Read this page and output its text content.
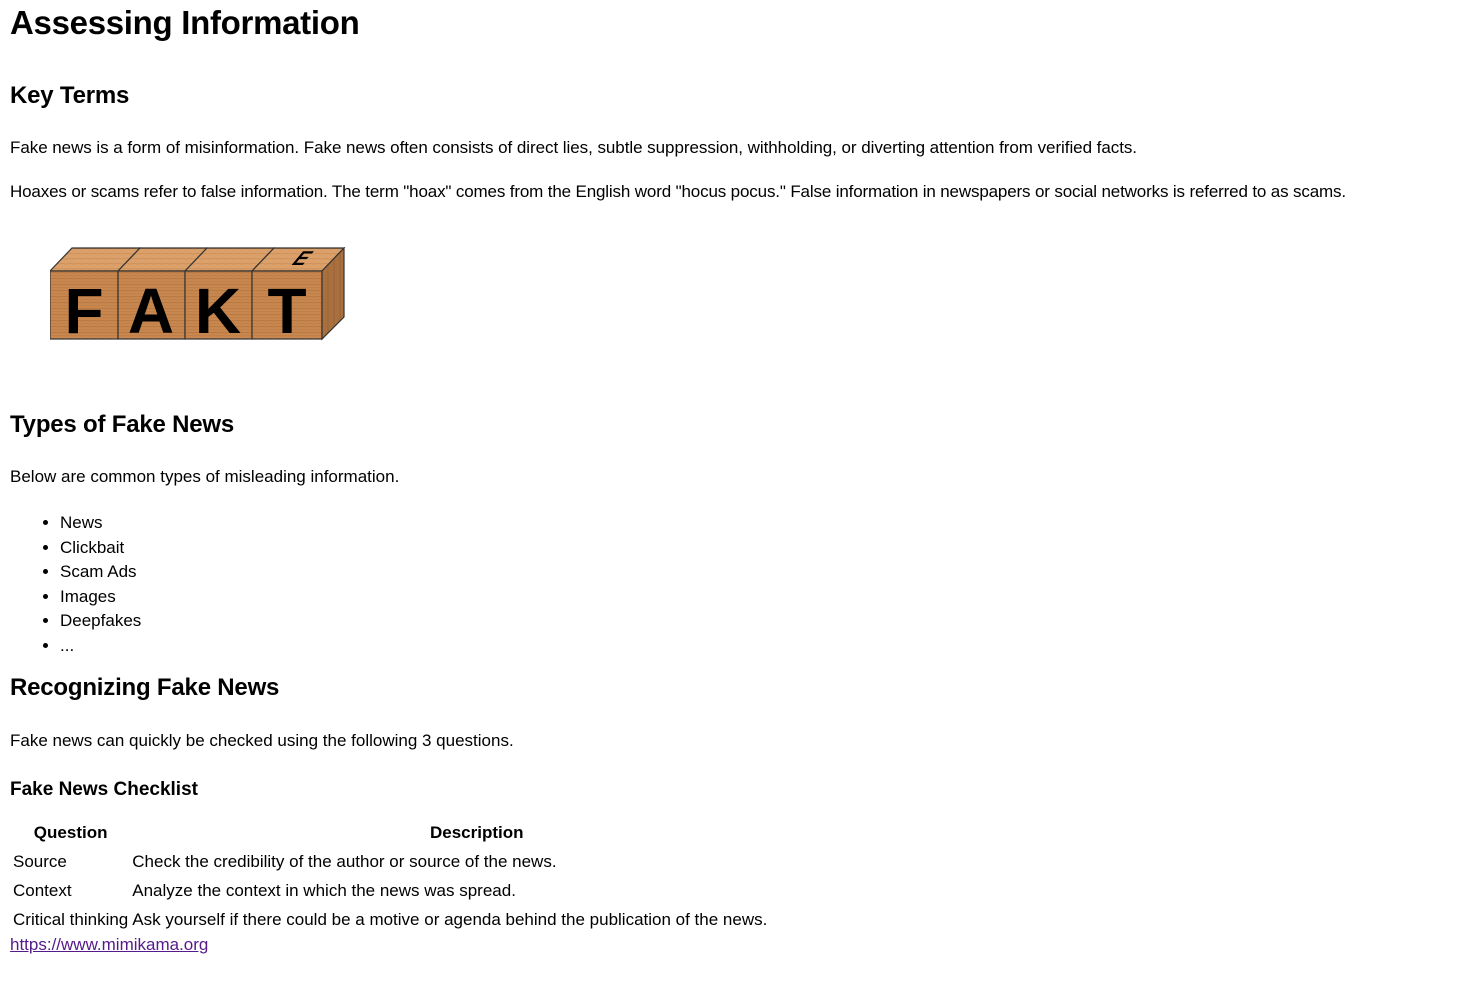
Assessing Information
Key Terms

Fake news is a form of misinformation. Fake news often consists of direct lies, subtle suppression, withholding, or diverting attention from verified facts.

Hoaxes or scams refer to false information. The term "hoax" comes from the English word "hocus pocus." False information in newspapers or social networks is referred to as scams.

F A K T
E
Types of Fake News

Below are common types of misleading information.

• News
• Clickbait
• Scam Ads
• Images
• Deepfakes
• ...
Recognizing Fake News

Fake news can quickly be checked using the following 3 questions.

Fake News Checklist
Question	Description
Source	Check the credibility of the author or source of the news.
Context	Analyze the context in which the news was spread.
Critical thinking	Ask yourself if there could be a motive or agenda behind the publication of the news.
https://www.mimikama.org
